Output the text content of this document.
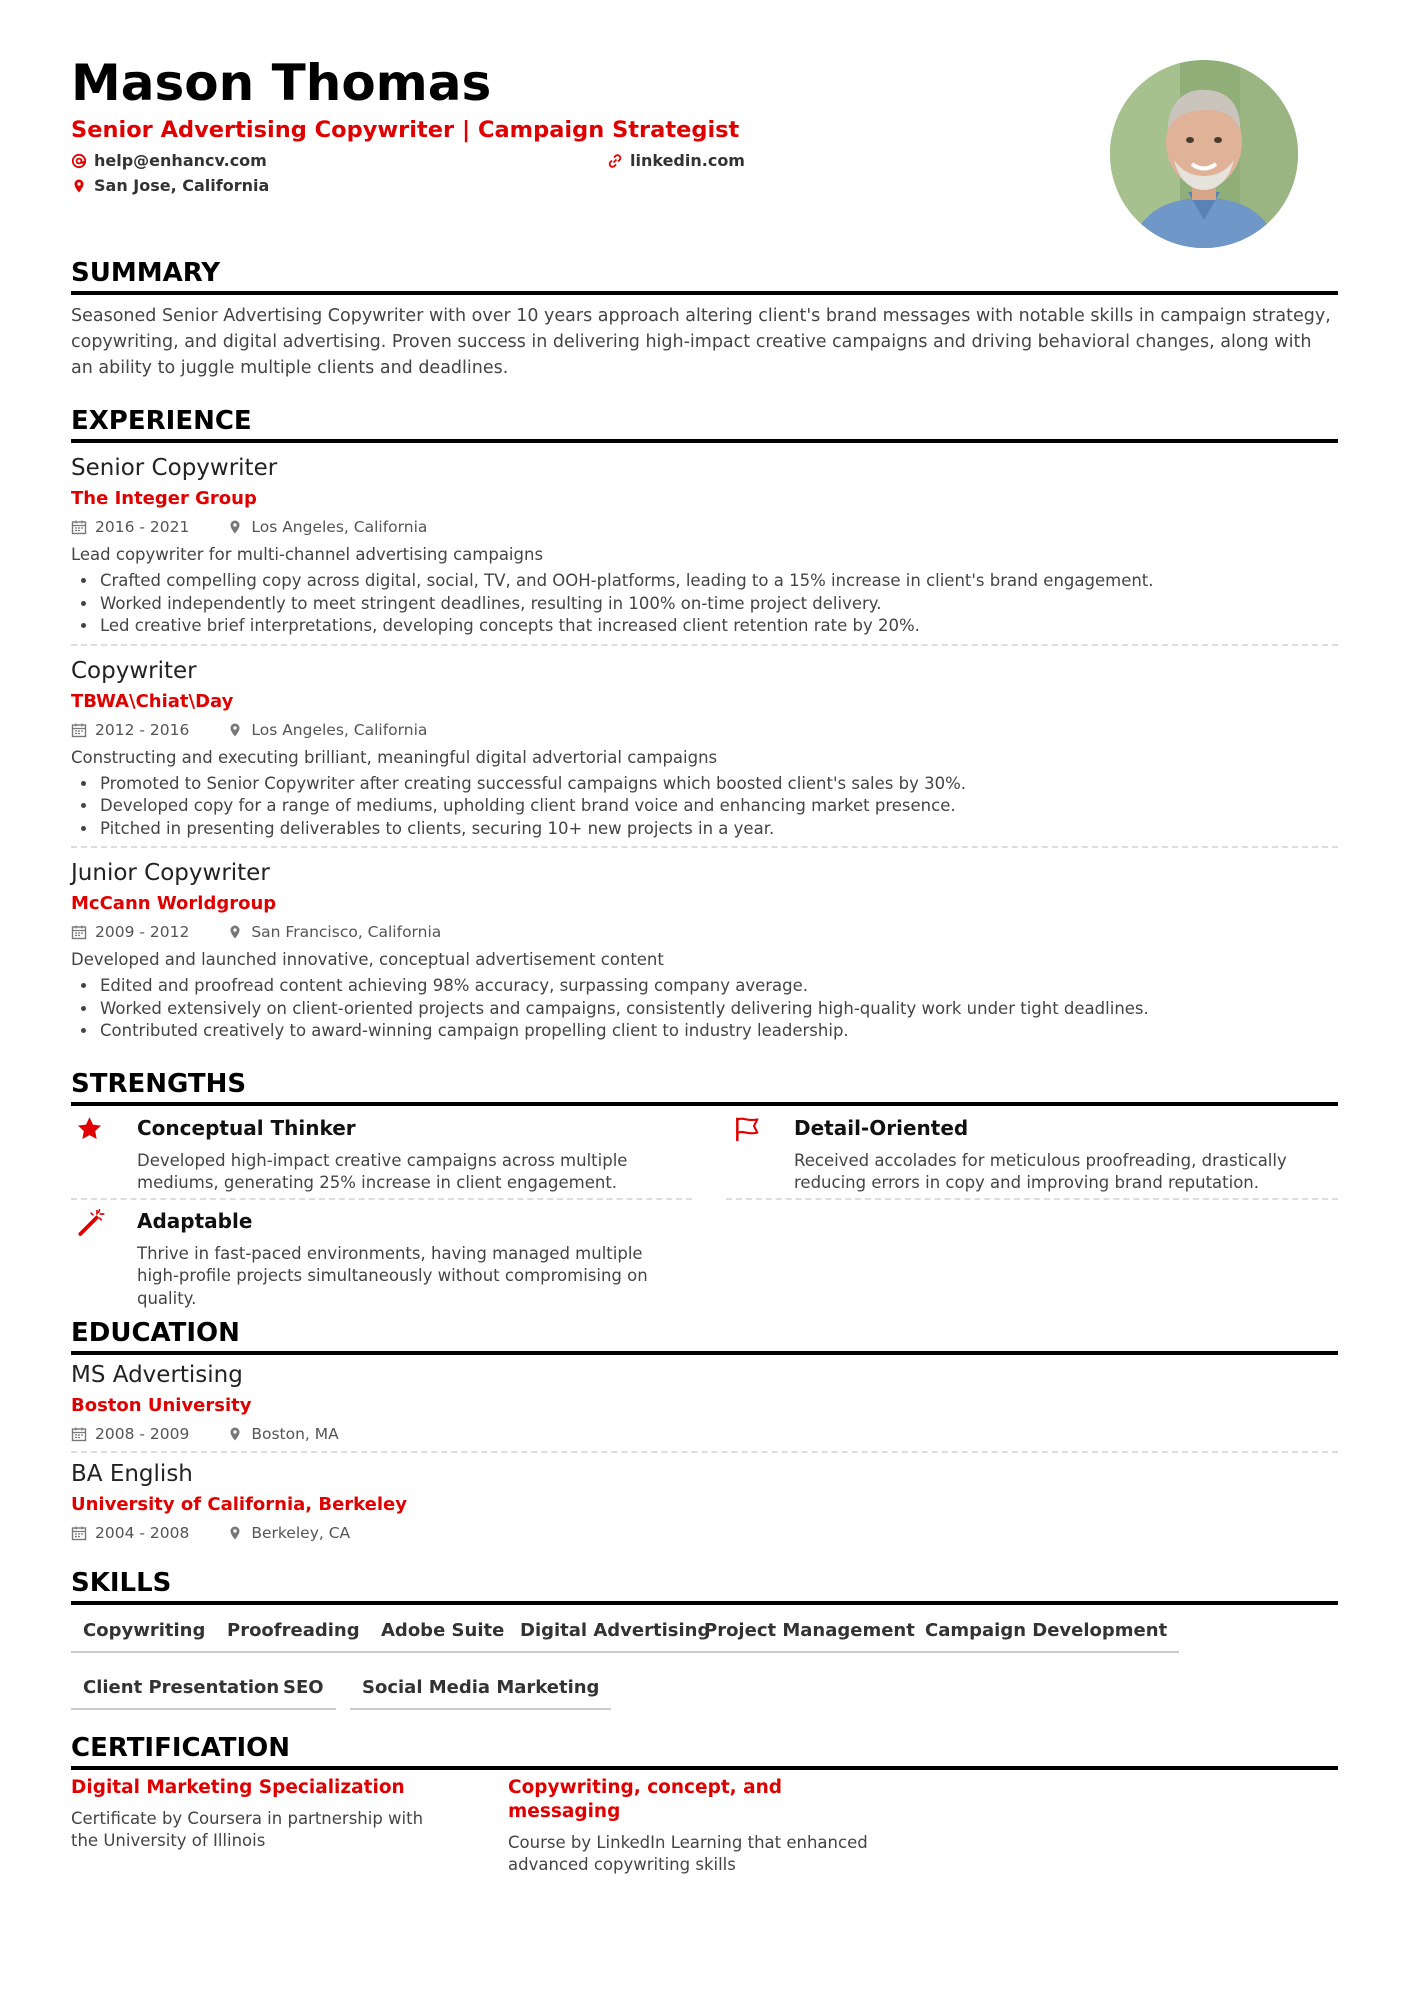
Mason Thomas
Senior Advertising Copywriter | Campaign Strategist
help@enhancv.com	linkedin.com
San Jose, California
SUMMARY
Seasoned Senior Advertising Copywriter with over 10 years approach altering client's brand messages with notable skills in campaign strategy, copywriting, and digital advertising. Proven success in delivering high-impact creative campaigns and driving behavioral changes, along with an ability to juggle multiple clients and deadlines.
EXPERIENCE
Senior Copywriter
The Integer Group
2016 - 2021	Los Angeles, California
Lead copywriter for multi-channel advertising campaigns
• Crafted compelling copy across digital, social, TV, and OOH-platforms, leading to a 15% increase in client's brand engagement.
• Worked independently to meet stringent deadlines, resulting in 100% on-time project delivery.
• Led creative brief interpretations, developing concepts that increased client retention rate by 20%.
Copywriter
TBWA\Chiat\Day
2012 - 2016	Los Angeles, California
Constructing and executing brilliant, meaningful digital advertorial campaigns
• Promoted to Senior Copywriter after creating successful campaigns which boosted client's sales by 30%.
• Developed copy for a range of mediums, upholding client brand voice and enhancing market presence.
• Pitched in presenting deliverables to clients, securing 10+ new projects in a year.
Junior Copywriter
McCann Worldgroup
2009 - 2012	San Francisco, California
Developed and launched innovative, conceptual advertisement content
• Edited and proofread content achieving 98% accuracy, surpassing company average.
• Worked extensively on client-oriented projects and campaigns, consistently delivering high-quality work under tight deadlines.
• Contributed creatively to award-winning campaign propelling client to industry leadership.
STRENGTHS
Conceptual Thinker
Developed high-impact creative campaigns across multiple mediums, generating 25% increase in client engagement.
Detail-Oriented
Received accolades for meticulous proofreading, drastically reducing errors in copy and improving brand reputation.
Adaptable
Thrive in fast-paced environments, having managed multiple high-profile projects simultaneously without compromising on quality.
EDUCATION
MS Advertising
Boston University
2008 - 2009	Boston, MA
BA English
University of California, Berkeley
2004 - 2008	Berkeley, CA
SKILLS
Copywriting	Proofreading	Adobe Suite Digital Advertising
Project Management Campaign Development
Client Presentation SEO	Social Media Marketing
CERTIFICATION
Digital Marketing Specialization
Certificate by Coursera in partnership with the University of Illinois
Copywriting, concept, and messaging
Course by LinkedIn Learning that enhanced advanced copywriting skills
